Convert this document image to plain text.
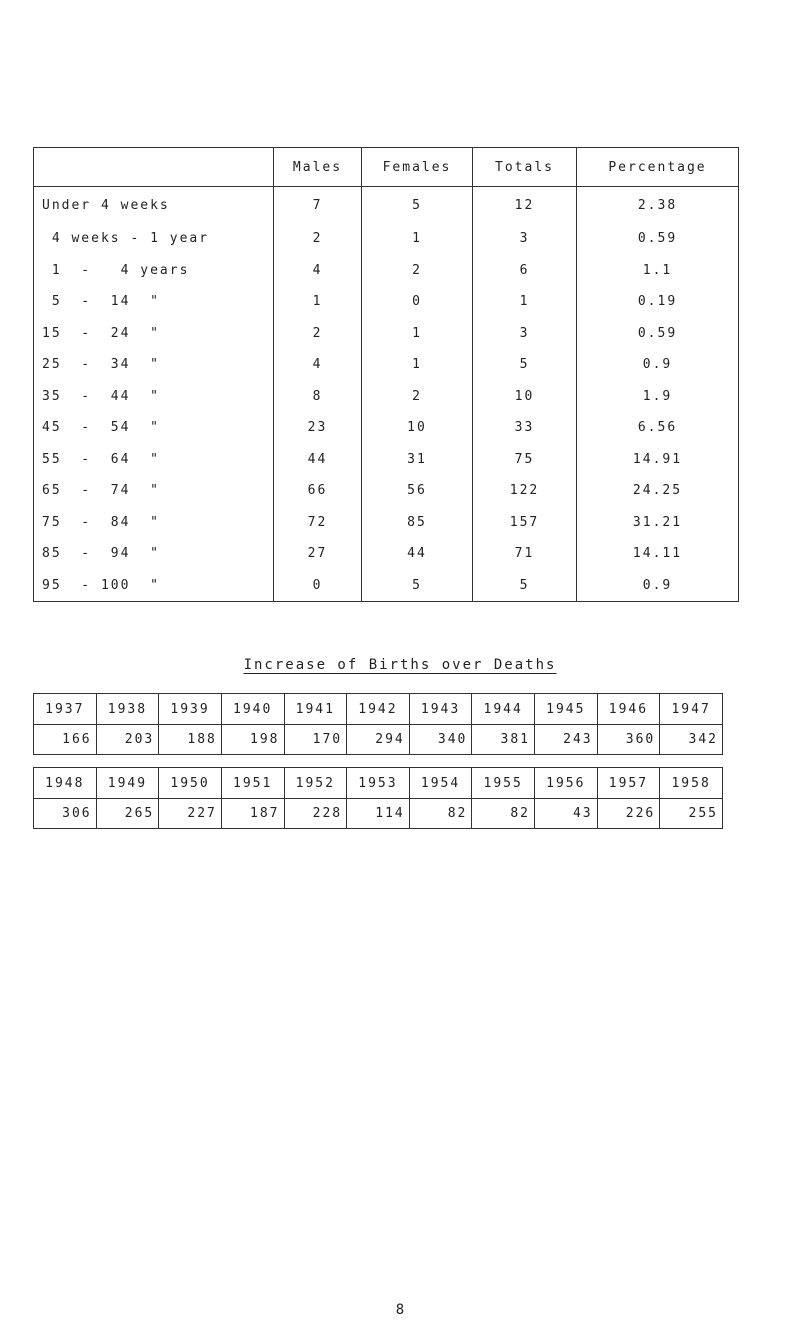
	Males	Females	Totals	Percentage
Under 4 weeks	7	5	12	2.38
4 weeks - 1 year	2	1	3	0.59
1  -   4 years	4	2	6	1.1
5  -  14  "	1	0	1	0.19
15  -  24  "	2	1	3	0.59
25  -  34  "	4	1	5	0.9
35  -  44  "	8	2	10	1.9
45  -  54  "	23	10	33	6.56
55  -  64  "	44	31	75	14.91
65  -  74  "	66	56	122	24.25
75  -  84  "	72	85	157	31.21
85  -  94  "	27	44	71	14.11
95  - 100  "	0	5	5	0.9
Increase of Births over Deaths
1937	1938	1939	1940	1941	1942	1943	1944	1945	1946	1947
166	203	188	198	170	294	340	381	243	360	342
1948	1949	1950	1951	1952	1953	1954	1955	1956	1957	1958
306	265	227	187	228	114	82	82	43	226	255
8
